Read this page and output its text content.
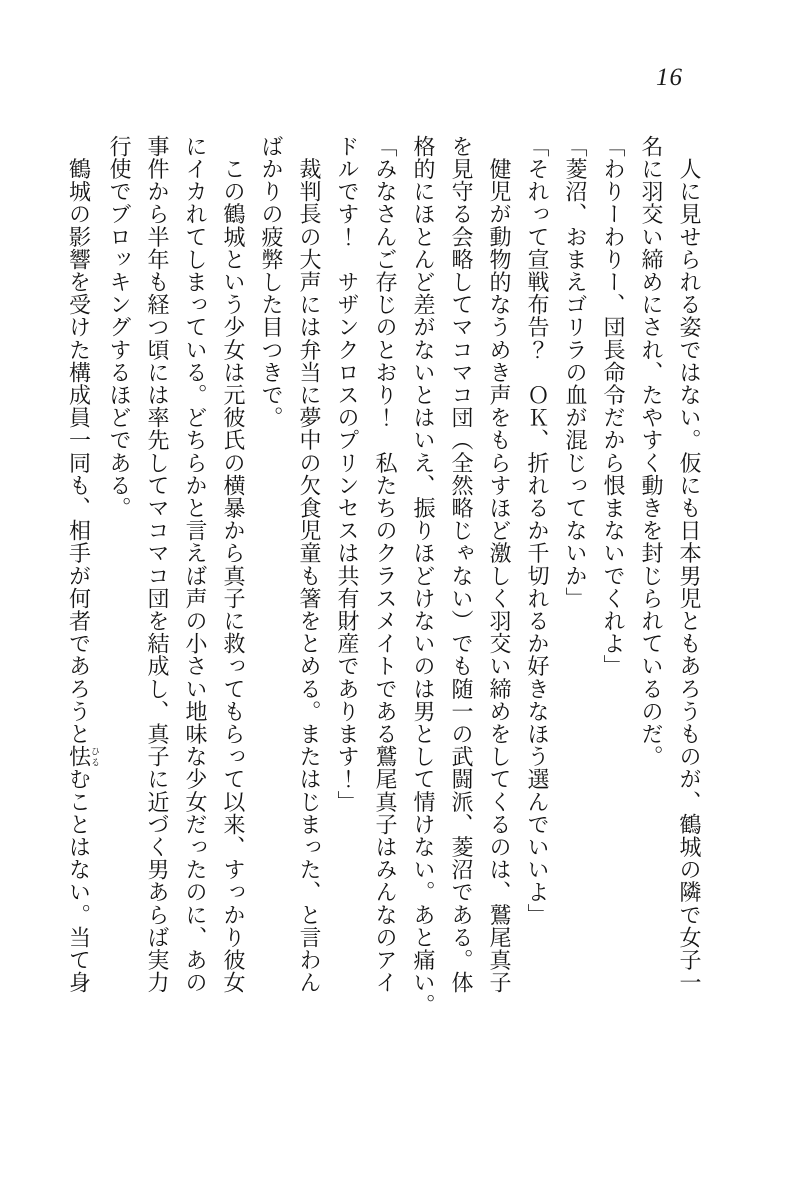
16
　人に見せられる姿ではない。仮にも日本男児ともあろうものが、鶴城の隣で女子一
名に羽交い締めにされ、たやすく動きを封じられているのだ。
「わりーわりー、団長命令だから恨まないでくれよ」
「菱沼、おまえゴリラの血が混じってないか」
「それって宣戦布告？　ＯＫ、折れるか千切れるか好きなほう選んでいいよ」
　健児が動物的なうめき声をもらすほど激しく羽交い締めをしてくるのは、鷲尾真子
を見守る会略してマコマコ団（全然略じゃない）でも随一の武闘派、菱沼である。体
格的にほとんど差がないとはいえ、振りほどけないのは男として情けない。あと痛い。
「みなさんご存じのとおり！　私たちのクラスメイトである鷲尾真子はみんなのアイ
ドルです！　サザンクロスのプリンセスは共有財産であります！」
　裁判長の大声には弁当に夢中の欠食児童も箸をとめる。またはじまった、と言わん
ばかりの疲弊した目つきで。
　この鶴城という少女は元彼氏の横暴から真子に救ってもらって以来、すっかり彼女
にイカれてしまっている。どちらかと言えば声の小さい地味な少女だったのに、あの
事件から半年も経つ頃には率先してマコマコ団を結成し、真子に近づく男あらば実力
行使でブロッキングするほどである。
　鶴城の影響を受けた構成員一同も、相手が何者であろうと怯ひるむことはない。当て身
